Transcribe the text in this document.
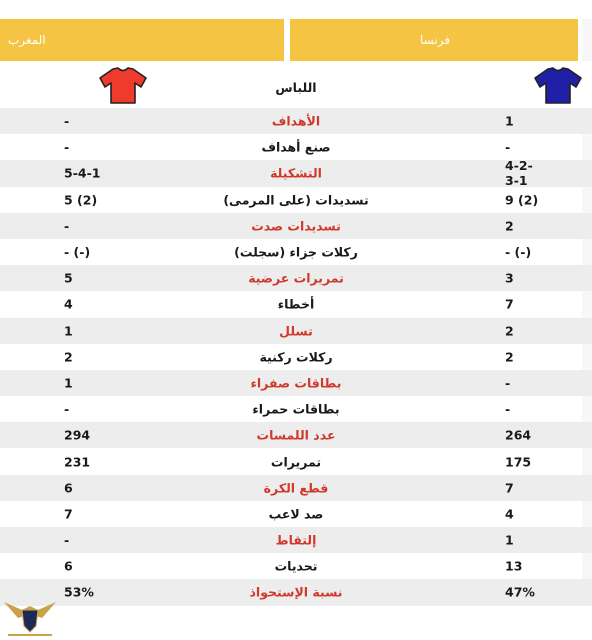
المغرب	فرنسا
اللباس
-	الأهداف	1
-	صنع أهداف	-
5-4-1	التشكيلة	4-2-3-1
5 (2)	تسديدات (على المرمى)	9 (2)
-	تسديدات صدت	2
- (-)	ركلات جزاء (سجلت)	- (-)
5	تمريرات عرضية	3
4	أخطاء	7
1	تسلل	2
2	ركلات ركنية	2
1	بطاقات صفراء	-
-	بطاقات حمراء	-
294	عدد اللمسات	264
231	تمريرات	175
6	قطع الكرة	7
7	صد لاعب	4
-	إلتقاط	1
6	تحديات	13
53%	نسبة الإستحواذ	47%
